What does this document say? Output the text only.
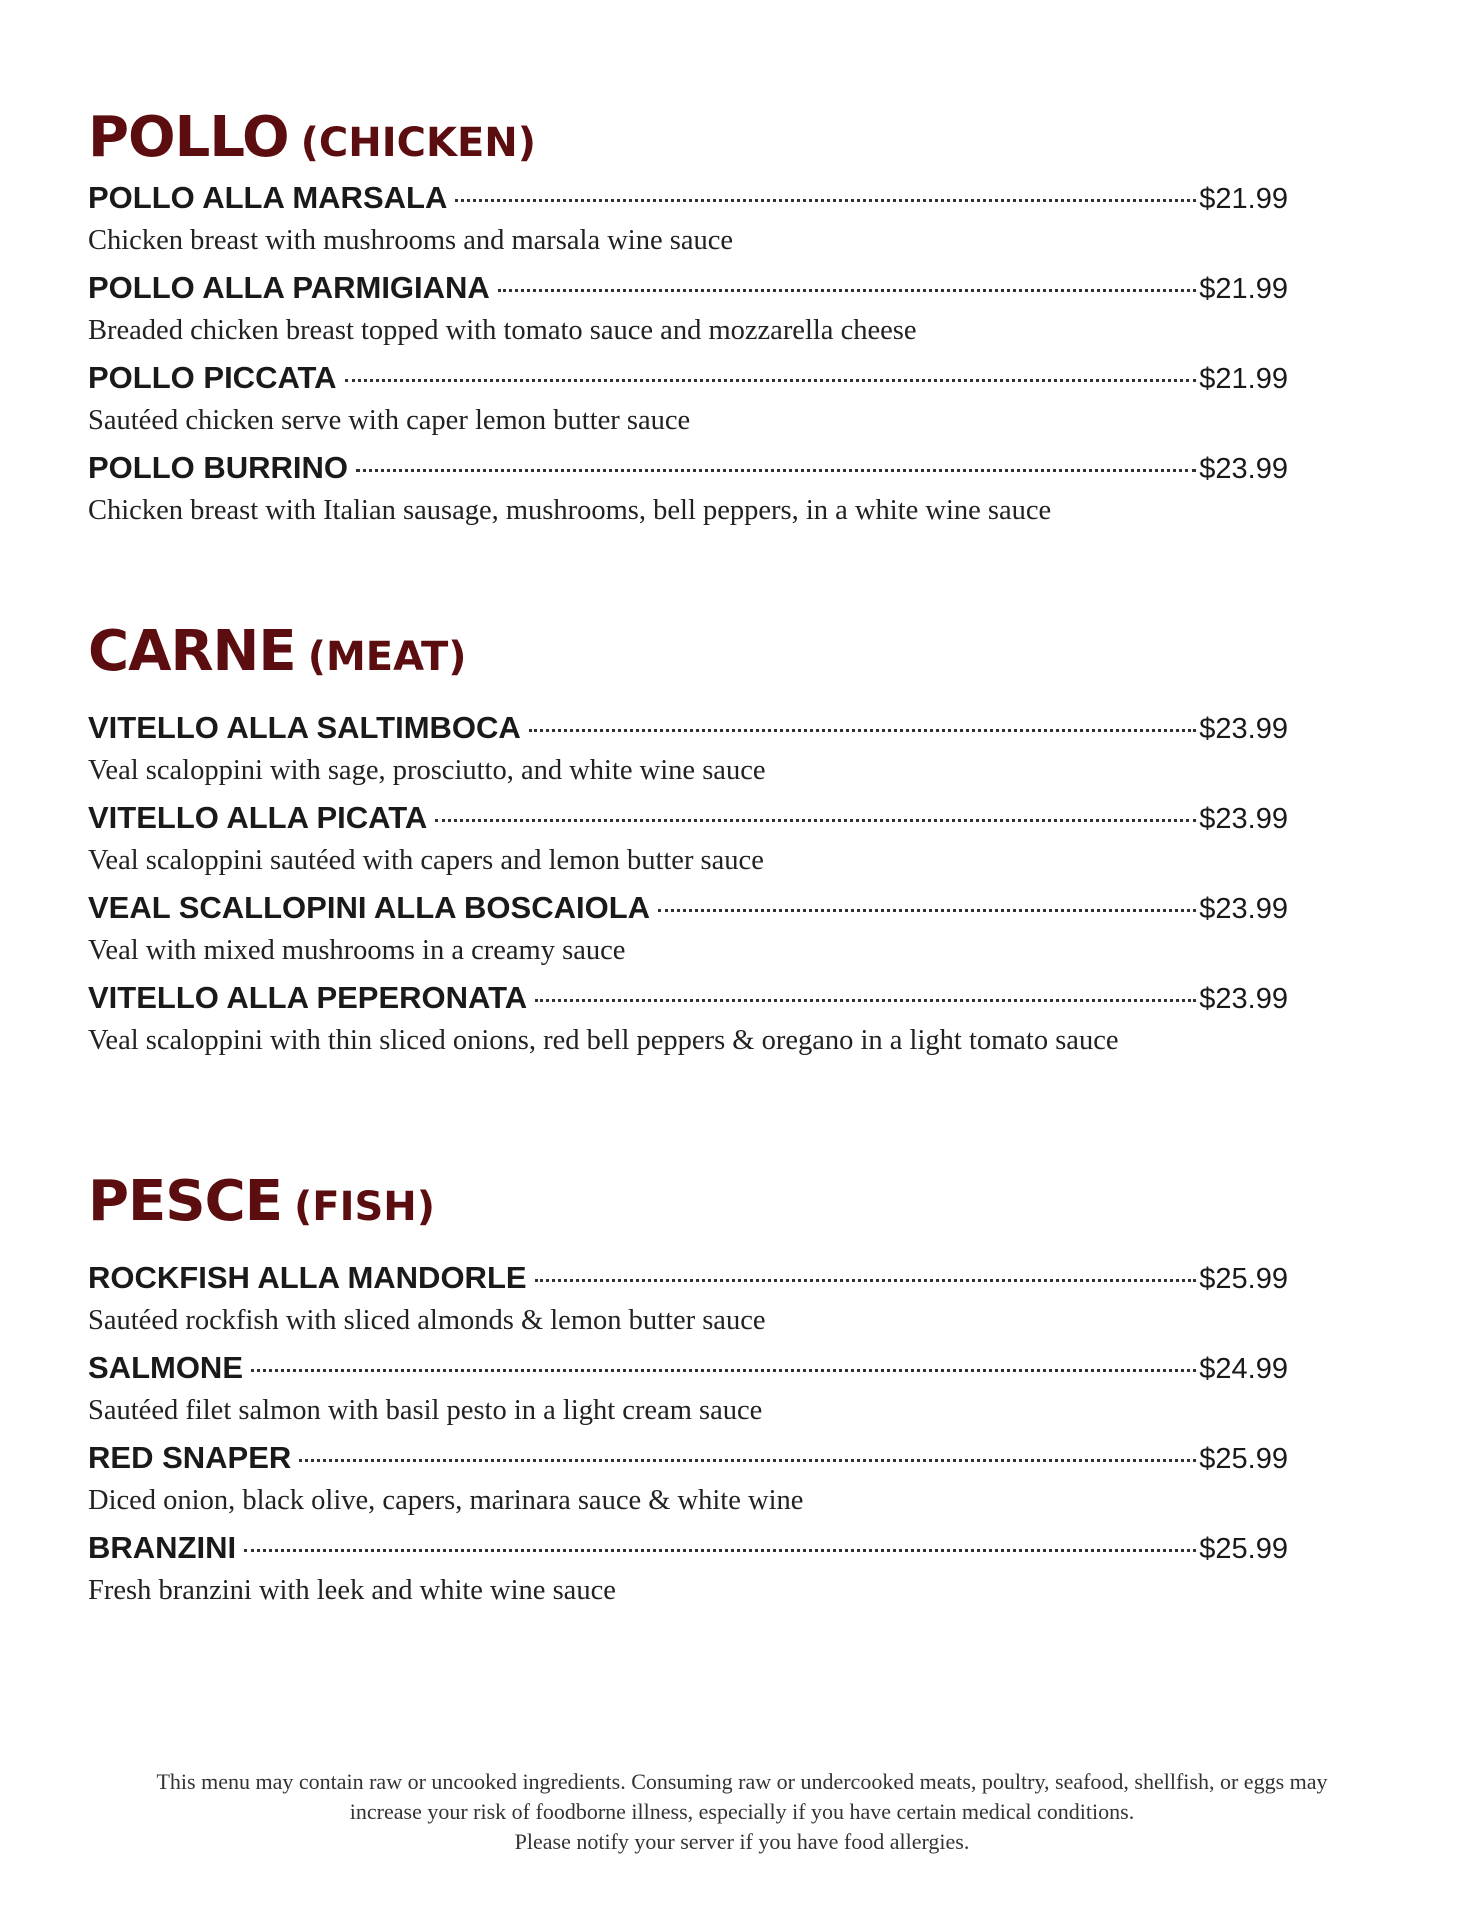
POLLO (CHICKEN)
POLLO ALLA MARSALA	$21.99
Chicken breast with mushrooms and marsala wine sauce
POLLO ALLA PARMIGIANA	$21.99
Breaded chicken breast topped with tomato sauce and mozzarella cheese
POLLO PICCATA	$21.99
Sautéed chicken serve with caper lemon butter sauce
POLLO BURRINO	$23.99
Chicken breast with Italian sausage, mushrooms, bell peppers, in a white wine sauce
CARNE (MEAT)
VITELLO ALLA SALTIMBOCA	$23.99
Veal scaloppini with sage, prosciutto, and white wine sauce
VITELLO ALLA PICATA	$23.99
Veal scaloppini sautéed with capers and lemon butter sauce
VEAL SCALLOPINI ALLA BOSCAIOLA	$23.99
Veal with mixed mushrooms in a creamy sauce
VITELLO ALLA PEPERONATA	$23.99
Veal scaloppini with thin sliced onions, red bell peppers & oregano in a light tomato sauce
PESCE (FISH)
ROCKFISH ALLA MANDORLE	$25.99
Sautéed rockfish with sliced almonds & lemon butter sauce
SALMONE	$24.99
Sautéed filet salmon with basil pesto in a light cream sauce
RED SNAPER	$25.99
Diced onion, black olive, capers, marinara sauce & white wine
BRANZINI	$25.99
Fresh branzini with leek and white wine sauce

This menu may contain raw or uncooked ingredients. Consuming raw or undercooked meats, poultry, seafood, shellfish, or eggs may
increase your risk of foodborne illness, especially if you have certain medical conditions.
Please notify your server if you have food allergies.
